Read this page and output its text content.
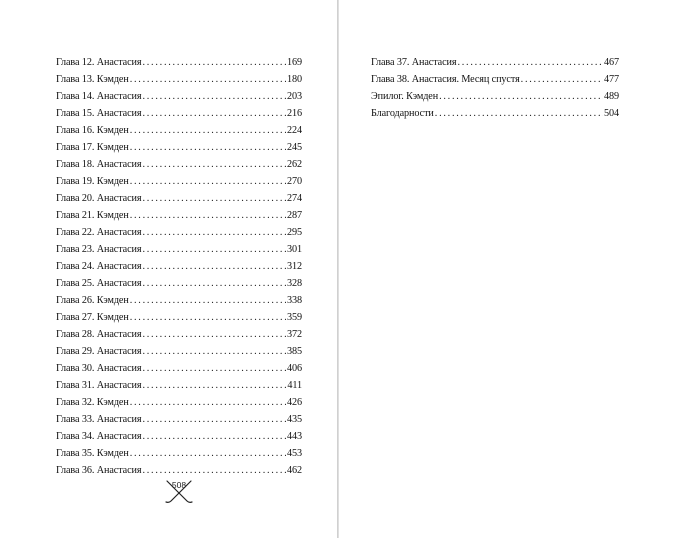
Глава 12. Анастасия . . .	169
Глава 13. Кэмден . . .	180
Глава 14. Анастасия . . .	203
Глава 15. Анастасия . . .	216
Глава 16. Кэмден . . .	224
Глава 17. Кэмден . . .	245
Глава 18. Анастасия . . .	262
Глава 19. Кэмден . . .	270
Глава 20. Анастасия . . .	274
Глава 21. Кэмден . . .	287
Глава 22. Анастасия . . .	295
Глава 23. Анастасия . . .	301
Глава 24. Анастасия . . .	312
Глава 25. Анастасия . . .	328
Глава 26. Кэмден . . .	338
Глава 27. Кэмден . . .	359
Глава 28. Анастасия . . .	372
Глава 29. Анастасия . . .	385
Глава 30. Анастасия . . .	406
Глава 31. Анастасия . . .	411
Глава 32. Кэмден . . .	426
Глава 33. Анастасия . . .	435
Глава 34. Анастасия . . .	443
Глава 35. Кэмден . . .	453
Глава 36. Анастасия . . .	462
508
Глава 37. Анастасия . . .	467
Глава 38. Анастасия. Месяц спустя . . .	477
Эпилог. Кэмден . . .	489
Благодарности . . .	504
